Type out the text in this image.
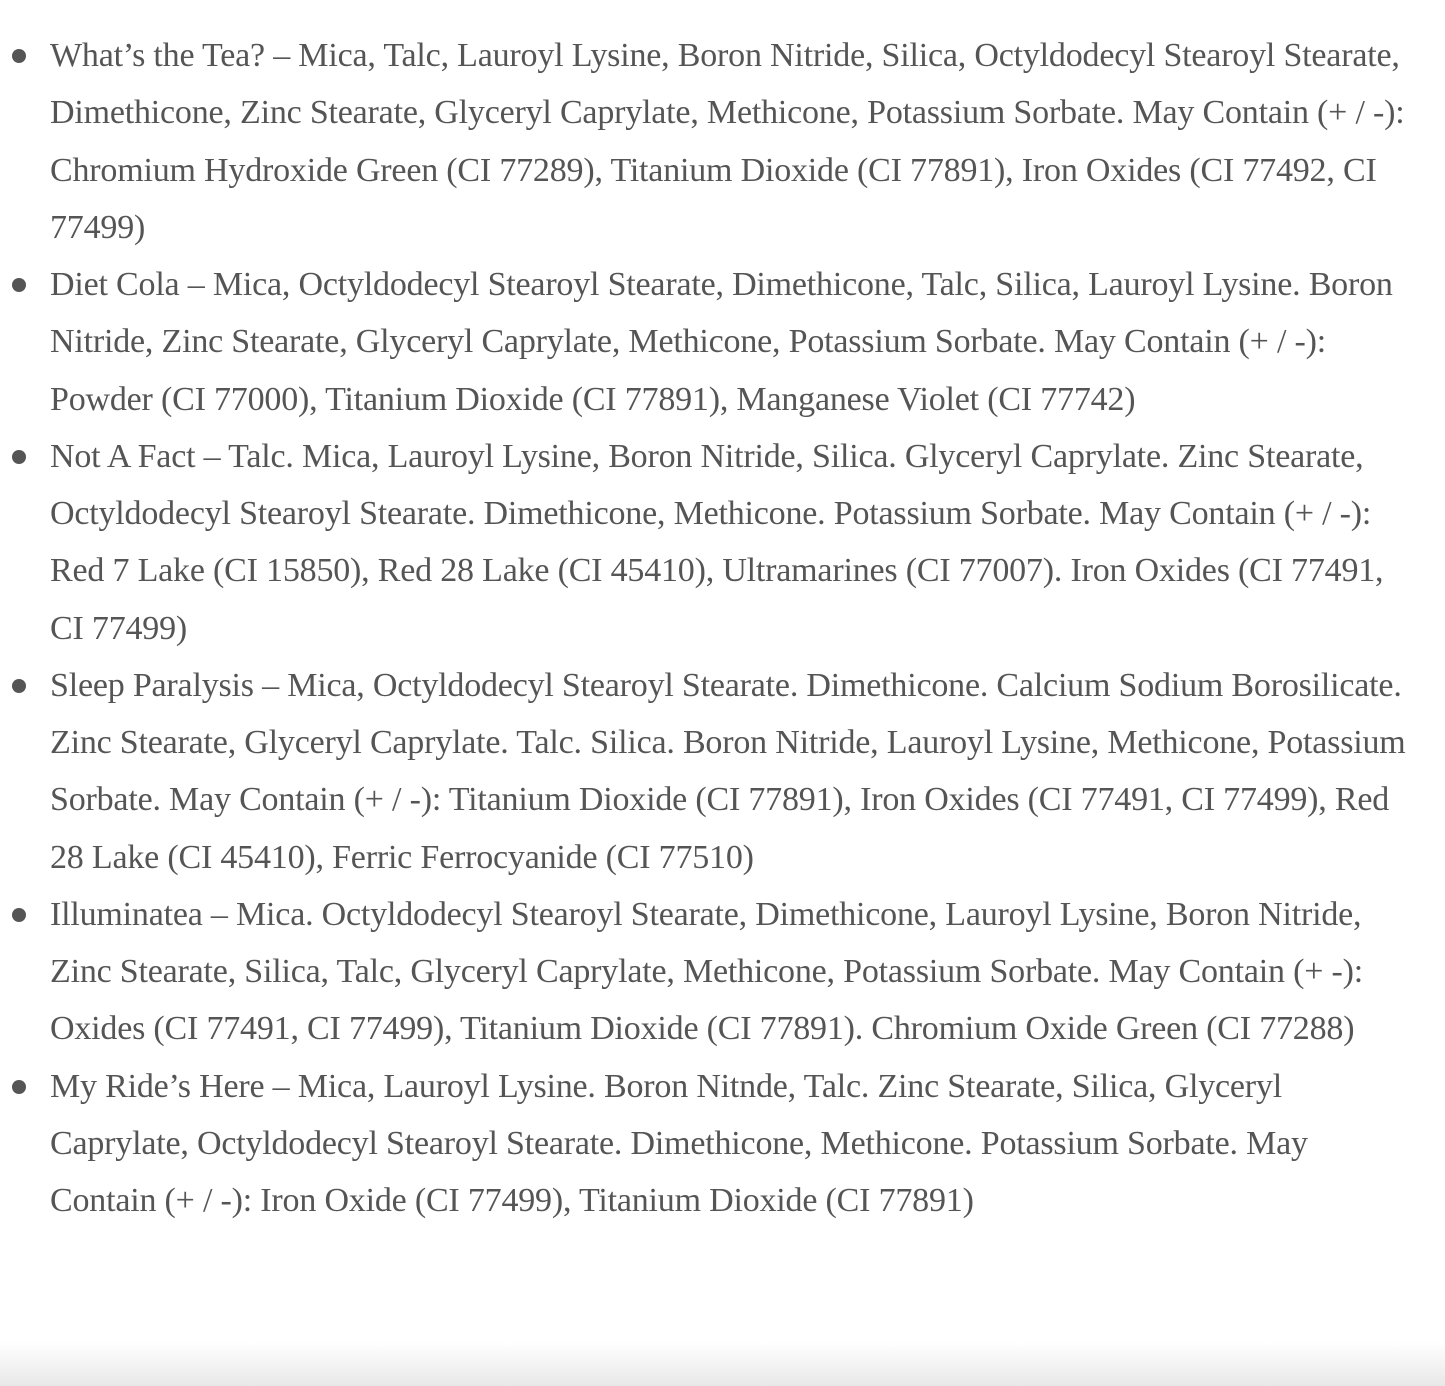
What’s the Tea? – Mica, Talc, Lauroyl Lysine, Boron Nitride, Silica, Octyldodecyl Stearoyl Stearate, Dimethicone, Zinc Stearate, Glyceryl Caprylate, Methicone, Potassium Sorbate. May Contain (+ / -): Chromium Hydroxide Green (CI 77289), Titanium Dioxide (CI 77891), Iron Oxides (CI 77492, CI 77499)
Diet Cola – Mica, Octyldodecyl Stearoyl Stearate, Dimethicone, Talc, Silica, Lauroyl Lysine. Boron Nitride, Zinc Stearate, Glyceryl Caprylate, Methicone, Potassium Sorbate. May Contain (+ / -): Powder (CI 77000), Titanium Dioxide (CI 77891), Manganese Violet (CI 77742)
Not A Fact – Talc. Mica, Lauroyl Lysine, Boron Nitride, Silica. Glyceryl Caprylate. Zinc Stearate, Octyldodecyl Stearoyl Stearate. Dimethicone, Methicone. Potassium Sorbate. May Contain (+ / -): Red 7 Lake (CI 15850), Red 28 Lake (CI 45410), Ultramarines (CI 77007). Iron Oxides (CI 77491, CI 77499)
Sleep Paralysis – Mica, Octyldodecyl Stearoyl Stearate. Dimethicone. Calcium Sodium Borosilicate. Zinc Stearate, Glyceryl Caprylate. Talc. Silica. Boron Nitride, Lauroyl Lysine, Methicone, Potassium Sorbate. May Contain (+ / -): Titanium Dioxide (CI 77891), Iron Oxides (CI 77491, CI 77499), Red 28 Lake (CI 45410), Ferric Ferrocyanide (CI 77510)
Illuminatea – Mica. Octyldodecyl Stearoyl Stearate, Dimethicone, Lauroyl Lysine, Boron Nitride, Zinc Stearate, Silica, Talc, Glyceryl Caprylate, Methicone, Potassium Sorbate. May Contain (+ -): Oxides (CI 77491, CI 77499), Titanium Dioxide (CI 77891). Chromium Oxide Green (CI 77288)
My Ride’s Here – Mica, Lauroyl Lysine. Boron Nitnde, Talc. Zinc Stearate, Silica, Glyceryl Caprylate, Octyldodecyl Stearoyl Stearate. Dimethicone, Methicone. Potassium Sorbate. May Contain (+ / -): Iron Oxide (CI 77499), Titanium Dioxide (CI 77891)
